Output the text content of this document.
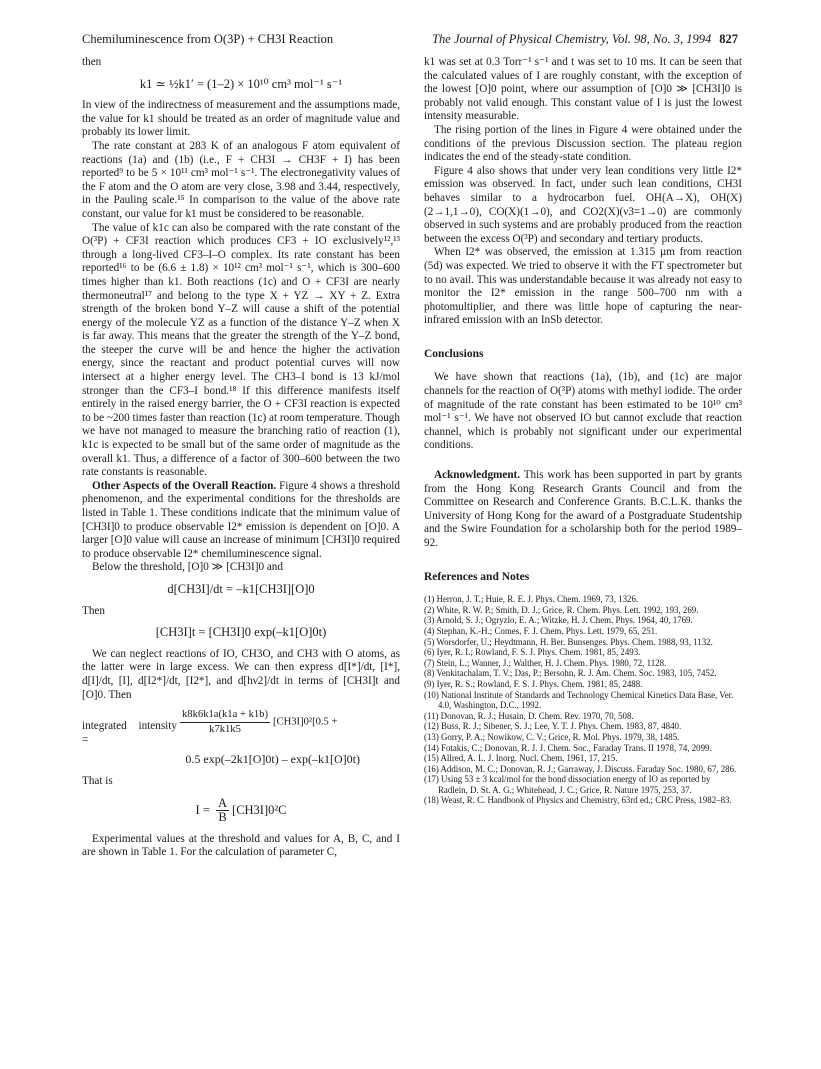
Chemiluminescence from O(3P) + CH3I Reaction	The Journal of Physical Chemistry, Vol. 98, No. 3, 1994 827

then

k1 ≃ ½k1′ = (1–2) × 10¹⁰ cm³ mol⁻¹ s⁻¹

In view of the indirectness of measurement and the assumptions made, the value for k1 should be treated as an order of magnitude value and probably its lower limit.

The rate constant at 283 K of an analogous F atom equivalent of reactions (1a) and (1b) (i.e., F + CH3I → CH3F + I) has been reported⁹ to be 5 × 10¹¹ cm³ mol⁻¹ s⁻¹. The electronegativity values of the F atom and the O atom are very close, 3.98 and 3.44, respectively, in the Pauling scale.¹⁵ In comparison to the value of the above rate constant, our value for k1 must be considered to be reasonable.

The value of k1c can also be compared with the rate constant of the O(³P) + CF3I reaction which produces CF3 + IO exclusively¹²,¹³ through a long-lived CF3–I–O complex. Its rate constant has been reported¹⁶ to be (6.6 ± 1.8) × 10¹² cm³ mol⁻¹ s⁻¹, which is 300–600 times higher than k1. Both reactions (1c) and O + CF3I are nearly thermoneutral¹⁷ and belong to the type X + YZ → XY + Z. Extra strength of the broken bond Y–Z will cause a shift of the potential energy of the molecule YZ as a function of the distance Y–Z when X is far away. This means that the greater the strength of the Y–Z bond, the steeper the curve will be and hence the higher the activation energy, since the reactant and product potential curves will now intersect at a higher energy level. The CH3–I bond is 13 kJ/mol stronger than the CF3–I bond.¹⁸ If this difference manifests itself entirely in the raised energy barrier, the O + CF3I reaction is expected to be ~200 times faster than reaction (1c) at room temperature. Though we have not managed to measure the branching ratio of reaction (1), k1c is expected to be small but of the same order of magnitude as the overall k1. Thus, a difference of a factor of 300–600 between the two rate constants is reasonable.

Other Aspects of the Overall Reaction. Figure 4 shows a threshold phenomenon, and the experimental conditions for the thresholds are listed in Table 1. These conditions indicate that the minimum value of [CH3I]0 to produce observable I2* emission is dependent on [O]0. A larger [O]0 value will cause an increase of minimum [CH3I]0 required to produce observable I2* chemiluminescence signal.

Below the threshold, [O]0 ≫ [CH3I]0 and

d[CH3I]/dt = –k1[CH3I][O]0

Then

[CH3I]t = [CH3I]0 exp(–k1[O]0t)

We can neglect reactions of IO, CH3O, and CH3 with O atoms, as the latter were in large excess. We can then express d[I*]/dt, [I*], d[I]/dt, [I], d[I2*]/dt, [I2*], and d[hν2]/dt in terms of [CH3I]t and [O]0. Then

integrated intensity =
$\frac{k8k6k1a(k1a + k1b)}{k7k1k5} [CH3I]0^2[0.5$ +
0.5 exp(–2k1[O]0t) – exp(–k1[O]0t)

That is

$I = \frac{A}{B} [CH3I]0^2C$

Experimental values at the threshold and values for A, B, C, and I are shown in Table 1. For the calculation of parameter C,

k1 was set at 0.3 Torr⁻¹ s⁻¹ and t was set to 10 ms. It can be seen that the calculated values of I are roughly constant, with the exception of the lowest [O]0 point, where our assumption of [O]0 ≫ [CH3I]0 is probably not valid enough. This constant value of I is just the lowest intensity measurable.

The rising portion of the lines in Figure 4 were obtained under the conditions of the previous Discussion section. The plateau region indicates the end of the steady-state condition.

Figure 4 also shows that under very lean conditions very little I2* emission was observed. In fact, under such lean conditions, CH3I behaves similar to a hydrocarbon fuel. OH(A→X), OH(X)(2→1,1→0), CO(X)(1→0), and CO2(X)(ν3=1→0) are commonly observed in such systems and are probably produced from the reaction between the excess O(³P) and secondary and tertiary products.

When I2* was observed, the emission at 1.315 µm from reaction (5d) was expected. We tried to observe it with the FT spectrometer but to no avail. This was understandable because it was already not easy to monitor the I2* emission in the range 500–700 nm with a photomultiplier, and there was little hope of capturing the near-infrared emission with an InSb detector.

Conclusions

We have shown that reactions (1a), (1b), and (1c) are major channels for the reaction of O(³P) atoms with methyl iodide. The order of magnitude of the rate constant has been estimated to be 10¹⁰ cm³ mol⁻¹ s⁻¹. We have not observed IO but cannot exclude that reaction channel, which is probably not significant under our experimental conditions.

Acknowledgment. This work has been supported in part by grants from the Hong Kong Research Grants Council and from the Committee on Research and Conference Grants. B.C.L.K. thanks the University of Hong Kong for the award of a Postgraduate Studentship and the Swire Foundation for a scholarship both for the period 1989–92.

References and Notes
(1) Herron, J. T.; Huie, R. E. J. Phys. Chem. 1969, 73, 1326.
(2) White, R. W. P.; Smith, D. J.; Grice, R. Chem. Phys. Lett. 1992, 193, 269.
(3) Arnold, S. J.; Ogryzlo, E. A.; Witzke, H. J. Chem. Phys. 1964, 40, 1769.
(4) Stephan, K.-H.; Comes, F. J. Chem. Phys. Lett. 1979, 65, 251.
(5) Worsdorfer, U.; Heydtmann, H. Ber. Bunsenges. Phys. Chem. 1988, 93, 1132.
(6) Iyer, R. I.; Rowland, F. S. J. Phys. Chem. 1981, 85, 2493.
(7) Stein, L.; Wanner, J.; Walther, H. J. Chem. Phys. 1980, 72, 1128.
(8) Venkitachalam, T. V.; Das, P.; Bersohn, R. J. Am. Chem. Soc. 1983, 105, 7452.
(9) Iyer, R. S.; Rowland, F. S. J. Phys. Chem. 1981, 85, 2488.
(10) National Institute of Standards and Technology Chemical Kinetics Data Base, Ver. 4.0, Washington, D.C., 1992.
(11) Donovan, R. J.; Husain, D. Chem. Rev. 1970, 70, 508.
(12) Buss, R. J.; Sibener, S. J.; Lee, Y. T. J. Phys. Chem. 1983, 87, 4840.
(13) Gorry, P. A.; Nowikow, C. V.; Grice, R. Mol. Phys. 1979, 38, 1485.
(14) Fotakis, C.; Donovan, R. J. J. Chem. Soc., Faraday Trans. II 1978, 74, 2099.
(15) Allred, A. L. J. Inorg. Nucl. Chem. 1961, 17, 215.
(16) Addison, M. C.; Donovan, R. J.; Garraway, J. Discuss. Faraday Soc. 1980, 67, 286.
(17) Using 53 ± 3 kcal/mol for the bond dissociation energy of IO as reported by Radlein, D. St. A. G.; Whitehead, J. C.; Grice, R. Nature 1975, 253, 37.
(18) Weast, R. C. Handbook of Physics and Chemistry, 63rd ed.; CRC Press, 1982–83.
